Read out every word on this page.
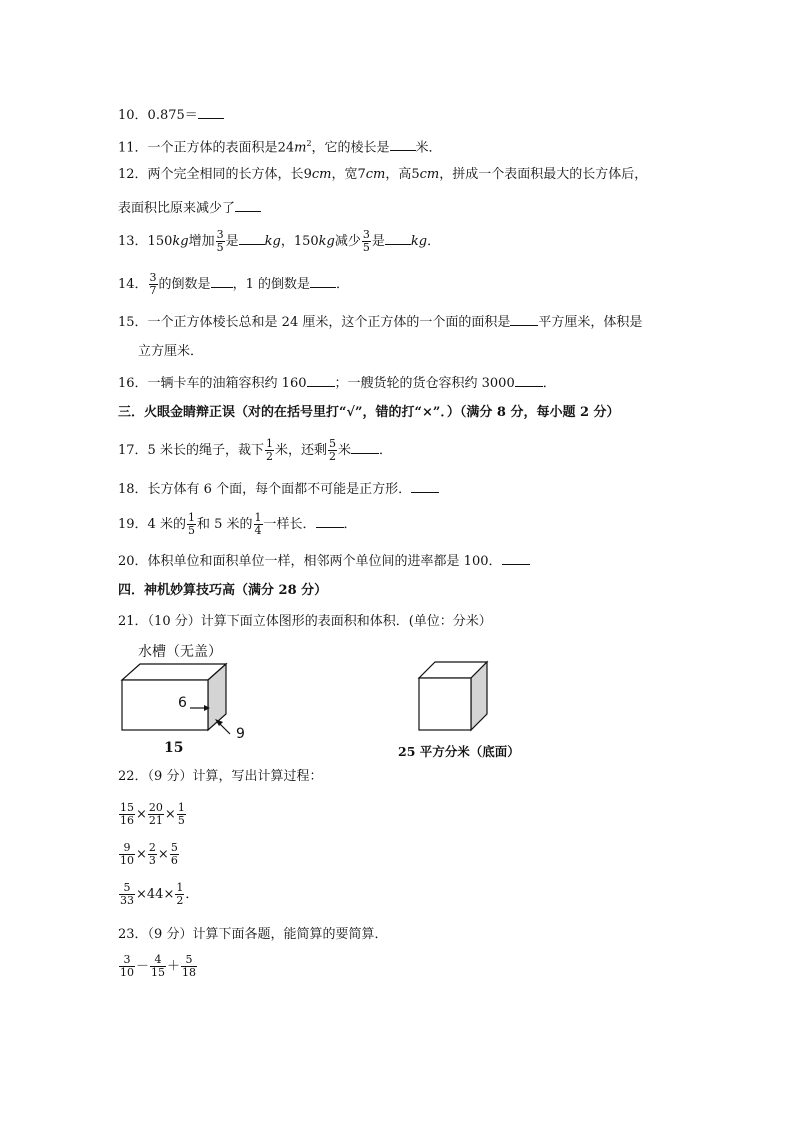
10．0.875＝
11．一个正方体的表面积是$24m^2$，它的棱长是 米．
12．两个完全相同的长方体，长9cm，宽7cm，高5cm，拼成一个表面积最大的长方体后，
表面积比原来减少了
13．150kg增加 $\frac{3}{5}$ 是 kg，150kg减少 $\frac{3}{5}$ 是 kg．
14． $\frac{3}{7}$ 的倒数是 ，1 的倒数是 ．
15．一个正方体棱长总和是 24 厘米，这个正方体的一个面的面积是 平方厘米，体积是
立方厘米．
16．一辆卡车的油箱容积约 160 ；一艘货轮的货仓容积约 3000 ．
三．火眼金睛辩正误（对的在括号里打“√”，错的打“×”．）（满分 8 分，每小题 2 分）
17．5 米长的绳子，裁下 $\frac{1}{2}$ 米，还剩 $\frac{5}{2}$ 米 ．
18．长方体有 6 个面，每个面都不可能是正方形．
19．4 米的 $\frac{1}{5}$ 和 5 米的 $\frac{1}{4}$ 一样长． ．
20．体积单位和面积单位一样，相邻两个单位间的进率都是 100．
四．神机妙算技巧高（满分 28 分）
21．（10 分）计算下面立体图形的表面积和体积．(单位：分米）
水槽（无盖）
6
9
15	25 平方分米（底面）
22．（9 分）计算，写出计算过程：
$\frac{15}{16} \times \frac{20}{21} \times \frac{1}{5}$
$\frac{9}{10} \times \frac{2}{3} \times \frac{5}{6}$
$\frac{5}{33} \times 44\times \frac{1}{2}$ ．
23．（9 分）计算下面各题，能简算的要简算．
$\frac{3}{10} - \frac{4}{15} + \frac{5}{18}$
